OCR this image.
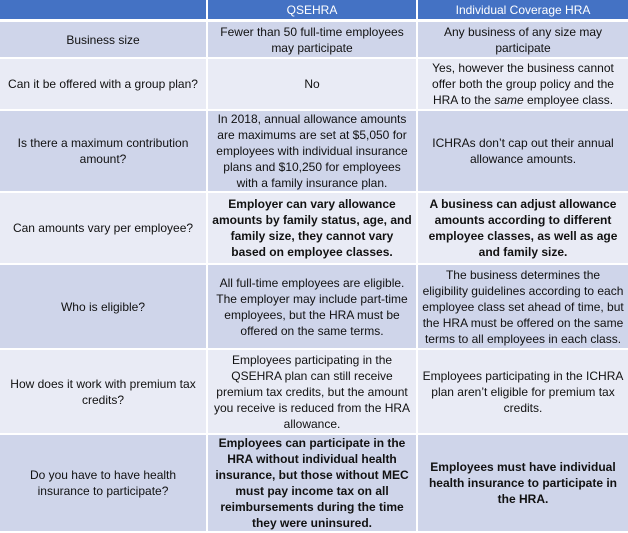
	QSEHRA	Individual Coverage HRA
Business size	Fewer than 50 full-time employees may participate	Any business of any size may participate
Can it be offered with a group plan?	No	Yes, however the business cannot offer both the group policy and the HRA to the same employee class.
Is there a maximum contribution amount?	In 2018, annual allowance amounts are maximums are set at $5,050 for employees with individual insurance plans and $10,250 for employees with a family insurance plan.	ICHRAs don’t cap out their annual allowance amounts.
Can amounts vary per employee?	Employer can vary allowance amounts by family status, age, and family size, they cannot vary based on employee classes.	A business can adjust allowance amounts according to different employee classes, as well as age and family size.
Who is eligible?	All full-time employees are eligible. The employer may include part-time employees, but the HRA must be offered on the same terms.	The business determines the eligibility guidelines according to each employee class set ahead of time, but the HRA must be offered on the same terms to all employees in each class.
How does it work with premium tax credits?	Employees participating in the QSEHRA plan can still receive premium tax credits, but the amount you receive is reduced from the HRA allowance.	Employees participating in the ICHRA plan aren’t eligible for premium tax credits.
Do you have to have health insurance to participate?	Employees can participate in the HRA without individual health insurance, but those without MEC must pay income tax on all reimbursements during the time they were uninsured.	Employees must have individual health insurance to participate in the HRA.
